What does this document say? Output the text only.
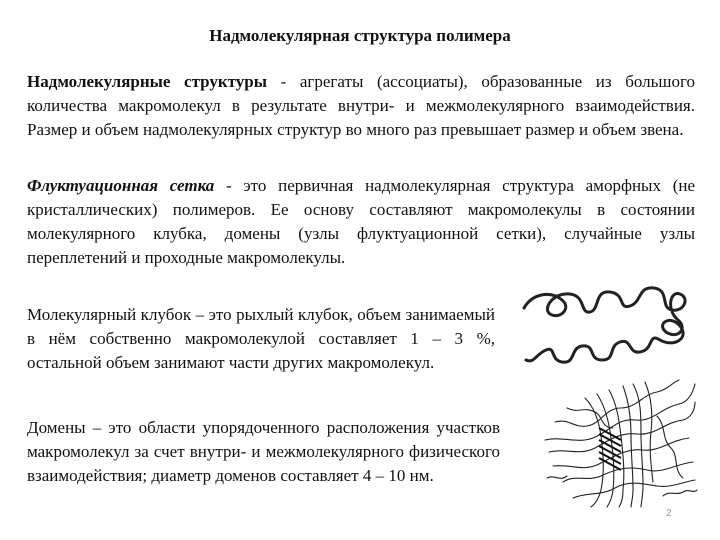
Надмолекулярная структура полимера

Надмолекулярные структуры - агрегаты (ассоциаты), образованные из большого количества макромолекул в результате внутри- и межмолекулярного взаимодействия. Размер и объем надмолекулярных структур во много раз превышает размер и объем звена.

Флуктуационная сетка - это первичная надмолекулярная структура аморфных (не кристаллических) полимеров. Ее основу составляют макромолекулы в состоянии молекулярного клубка, домены (узлы флуктуационной сетки), случайные узлы переплетений и проходные макромолекулы.

Молекулярный клубок – это рыхлый клубок, объем занимаемый в нём собственно макромолекулой составляет 1 – 3 %, остальной объем занимают части других макромолекул.

Домены – это области упорядоченного расположения участков макромолекул за счет внутри- и межмолекулярного физического взаимодействия; диаметр доменов составляет 4 – 10 нм.

2
